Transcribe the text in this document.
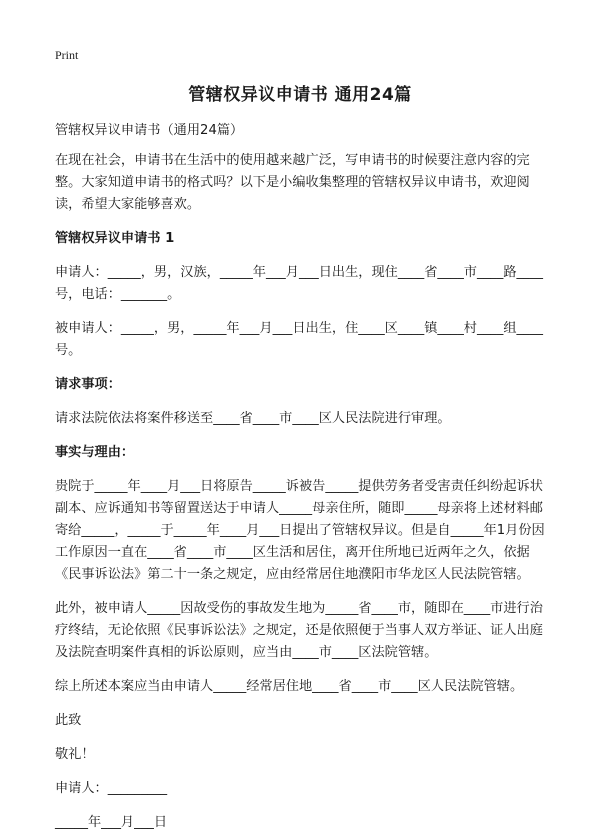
Print
管辖权异议申请书 通用24篇

管辖权异议申请书（通用24篇）

在现在社会，申请书在生活中的使用越来越广泛，写申请书的时候要注意内容的完整。大家知道申请书的格式吗？以下是小编收集整理的管辖权异议申请书，欢迎阅读，希望大家能够喜欢。

管辖权异议申请书 1

申请人：_____，男，汉族，_____年___月___日出生，现住____省____市____路____号，电话：_______。

被申请人：_____，男，_____年___月___日出生，住____区____镇____村____组____号。

请求事项：

请求法院依法将案件移送至____省____市____区人民法院进行审理。

事实与理由：

贵院于_____年____月___日将原告_____诉被告_____提供劳务者受害责任纠纷起诉状副本、应诉通知书等留置送达于申请人_____母亲住所，随即_____母亲将上述材料邮寄给_____，_____于_____年____月___日提出了管辖权异议。但是自_____年1月份因工作原因一直在____省____市____区生活和居住，离开住所地已近两年之久，依据《民事诉讼法》第二十一条之规定，应由经常居住地濮阳市华龙区人民法院管辖。

此外，被申请人_____因故受伤的事故发生地为_____省____市，随即在____市进行治疗终结，无论依照《民事诉讼法》之规定，还是依照便于当事人双方举证、证人出庭及法院查明案件真相的诉讼原则，应当由____市____区法院管辖。

综上所述本案应当由申请人_____经常居住地____省____市____区人民法院管辖。

此致

敬礼！

申请人：_________

_____年___月___日
